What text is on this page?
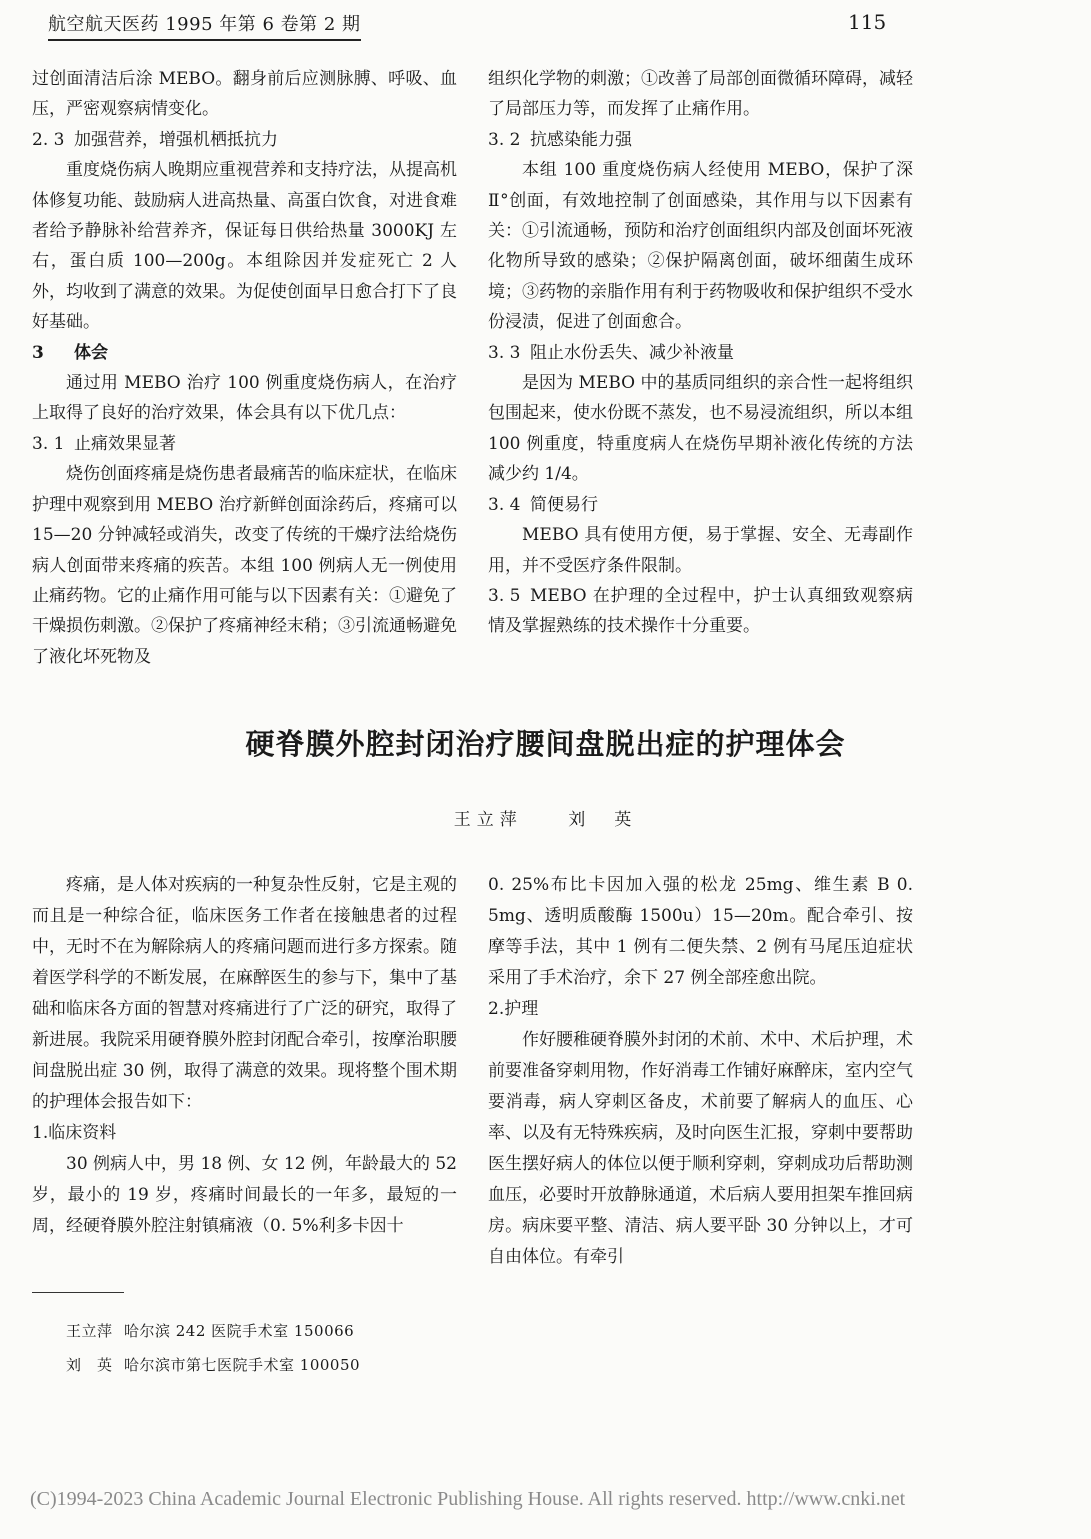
航空航天医药 1995 年第 6 卷第 2 期	115

过创面清洁后涂 MEBO。翻身前后应测脉膊、呼吸、血压，严密观察病情变化。

2. 3 加强营养，增强机栖抵抗力

重度烧伤病人晚期应重视营养和支持疗法，从提高机体修复功能、鼓励病人进高热量、高蛋白饮食，对进食难者给予静脉补给营养齐，保证每日供给热量 3000KJ 左右，蛋白质 100—200g。本组除因并发症死亡 2 人外，均收到了满意的效果。为促使创面早日愈合打下了良好基础。

3 体会

通过用 MEBO 治疗 100 例重度烧伤病人，在治疗上取得了良好的治疗效果，体会具有以下优几点：

3. 1 止痛效果显著

烧伤创面疼痛是烧伤患者最痛苦的临床症状，在临床护理中观察到用 MEBO 治疗新鲜创面涂药后，疼痛可以 15—20 分钟减轻或消失，改变了传统的干燥疗法给烧伤病人创面带来疼痛的疾苦。本组 100 例病人无一例使用止痛药物。它的止痛作用可能与以下因素有关：①避免了干燥损伤刺激。②保护了疼痛神经末稍；③引流通畅避免了液化坏死物及

组织化学物的刺激；①改善了局部创面微循环障碍，减轻了局部压力等，而发挥了止痛作用。

3. 2 抗感染能力强

本组 100 重度烧伤病人经使用 MEBO，保护了深Ⅱ°创面，有效地控制了创面感染，其作用与以下因素有关：①引流通畅，预防和治疗创面组织内部及创面坏死液化物所导致的感染；②保护隔离创面，破坏细菌生成环境；③药物的亲脂作用有利于药物吸收和保护组织不受水份浸渍，促进了创面愈合。

3. 3 阻止水份丢失、减少补液量

是因为 MEBO 中的基质同组织的亲合性一起将组织包围起来，使水份既不蒸发，也不易浸流组织，所以本组 100 例重度，特重度病人在烧伤早期补液化传统的方法减少约 1/4。

3. 4 简便易行

MEBO 具有使用方便，易于掌握、安全、无毒副作用，并不受医疗条件限制。

3. 5 MEBO 在护理的全过程中，护士认真细致观察病情及掌握熟练的技术操作十分重要。

硬脊膜外腔封闭治疗腰间盘脱出症的护理体会
王立萍	刘　英

疼痛，是人体对疾病的一种复杂性反射，它是主观的而且是一种综合征，临床医务工作者在接触患者的过程中，无时不在为解除病人的疼痛问题而进行多方探索。随着医学科学的不断发展，在麻醉医生的参与下，集中了基础和临床各方面的智慧对疼痛进行了广泛的研究，取得了新进展。我院采用硬脊膜外腔封闭配合牵引，按摩治职腰间盘脱出症 30 例，取得了满意的效果。现将整个围术期的护理体会报告如下：

1.临床资料

30 例病人中，男 18 例、女 12 例，年龄最大的 52 岁，最小的 19 岁，疼痛时间最长的一年多，最短的一周，经硬脊膜外腔注射镇痛液（0. 5%利多卡因十

0. 25%布比卡因加入强的松龙 25mg、维生素 B 0. 5mg、透明质酸酶 1500u）15—20m。配合牵引、按摩等手法，其中 1 例有二便失禁、2 例有马尾压迫症状采用了手术治疗，余下 27 例全部痊愈出院。

2.护理

作好腰稚硬脊膜外封闭的术前、术中、术后护理，术前要准备穿刺用物，作好消毒工作铺好麻醉床，室内空气要消毒，病人穿刺区备皮，术前要了解病人的血压、心率、以及有无特殊疾病，及时向医生汇报，穿刺中要帮助医生摆好病人的体位以便于顺利穿刺，穿刺成功后帮助测血压，必要时开放静脉通道，术后病人要用担架车推回病房。病床要平整、清洁、病人要平卧 30 分钟以上，才可自由体位。有牵引

王立萍 哈尔滨 242 医院手术室 150066
刘　英 哈尔滨市第七医院手术室 100050
(C)1994-2023 China Academic Journal Electronic Publishing House. All rights reserved. http://www.cnki.net
